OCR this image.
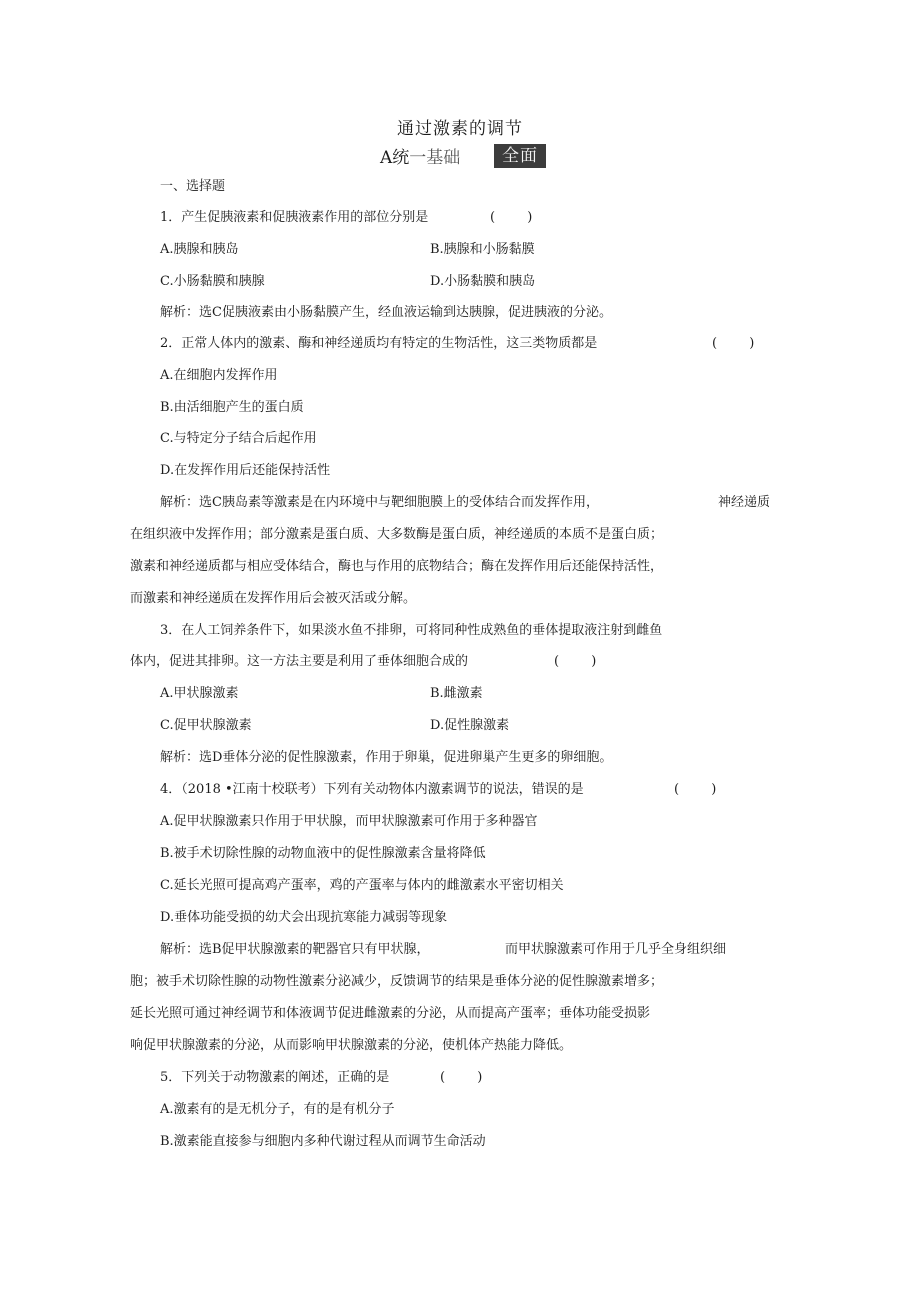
通过激素的调节
A统一基础	全面
一、选择题
1．产生促胰液素和促胰液素作用的部位分别是	( )
A.胰腺和胰岛	B.胰腺和小肠黏膜
C.小肠黏膜和胰腺	D.小肠黏膜和胰岛
解析：选C促胰液素由小肠黏膜产生，经血液运输到达胰腺，促进胰液的分泌。
2．正常人体内的激素、酶和神经递质均有特定的生物活性，这三类物质都是	( )
A.在细胞内发挥作用
B.由活细胞产生的蛋白质
C.与特定分子结合后起作用
D.在发挥作用后还能保持活性
解析：选C胰岛素等激素是在内环境中与靶细胞膜上的受体结合而发挥作用，	神经递质
在组织液中发挥作用；部分激素是蛋白质、大多数酶是蛋白质，神经递质的本质不是蛋白质；
激素和神经递质都与相应受体结合，酶也与作用的底物结合；酶在发挥作用后还能保持活性，
而激素和神经递质在发挥作用后会被灭活或分解。
3．在人工饲养条件下，如果淡水鱼不排卵，可将同种性成熟鱼的垂体提取液注射到雌鱼
体内，促进其排卵。这一方法主要是利用了垂体细胞合成的	( )
A.甲状腺激素	B.雌激素
C.促甲状腺激素	D.促性腺激素
解析：选D垂体分泌的促性腺激素，作用于卵巢，促进卵巢产生更多的卵细胞。
4．（2018 •江南十校联考）下列有关动物体内激素调节的说法，错误的是	( )
A.促甲状腺激素只作用于甲状腺，而甲状腺激素可作用于多种器官
B.被手术切除性腺的动物血液中的促性腺激素含量将降低
C.延长光照可提高鸡产蛋率，鸡的产蛋率与体内的雌激素水平密切相关
D.垂体功能受损的幼犬会出现抗寒能力减弱等现象
解析：选B促甲状腺激素的靶器官只有甲状腺，	而甲状腺激素可作用于几乎全身组织细
胞；被手术切除性腺的动物性激素分泌减少，反馈调节的结果是垂体分泌的促性腺激素增多；
延长光照可通过神经调节和体液调节促进雌激素的分泌，从而提高产蛋率；垂体功能受损影
响促甲状腺激素的分泌，从而影响甲状腺激素的分泌，使机体产热能力降低。
5．下列关于动物激素的阐述，正确的是	( )
A.激素有的是无机分子，有的是有机分子
B.激素能直接参与细胞内多种代谢过程从而调节生命活动
